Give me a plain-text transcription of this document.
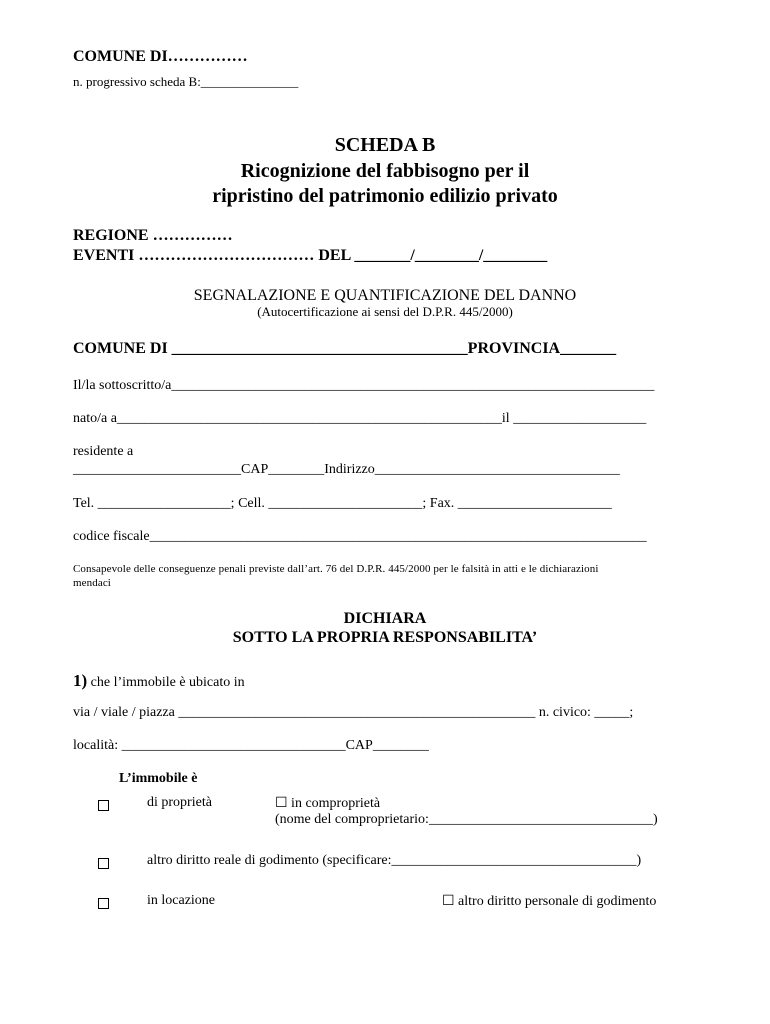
COMUNE DI……………
n. progressivo scheda B:_______________
SCHEDA B
Ricognizione del fabbisogno per il
ripristino del patrimonio edilizio privato
REGIONE ……………
EVENTI …………………………… DEL _______/________/________
SEGNALAZIONE E QUANTIFICAZIONE DEL DANNO
(Autocertificazione ai sensi del D.P.R. 445/2000)
COMUNE DI _____________________________________PROVINCIA_______
Il/la sottoscritto/a_____________________________________________________________________
nato/a a_______________________________________________________il ___________________
residente a
________________________CAP________Indirizzo___________________________________
Tel. ___________________; Cell. ______________________; Fax. ______________________
codice fiscale_______________________________________________________________________
Consapevole delle conseguenze penali previste dall’art. 76 del D.P.R. 445/2000 per le falsità in atti e le dichiarazioni
mendaci
DICHIARA
SOTTO LA PROPRIA RESPONSABILITA’
1) che l’immobile è ubicato in
via / viale / piazza ___________________________________________________ n. civico: _____;
località: ________________________________CAP________
L’immobile è
di proprietà	☐ in comproprietà
(nome del comproprietario:________________________________)
altro diritto reale di godimento (specificare:___________________________________)
in locazione	☐ altro diritto personale di godimento
